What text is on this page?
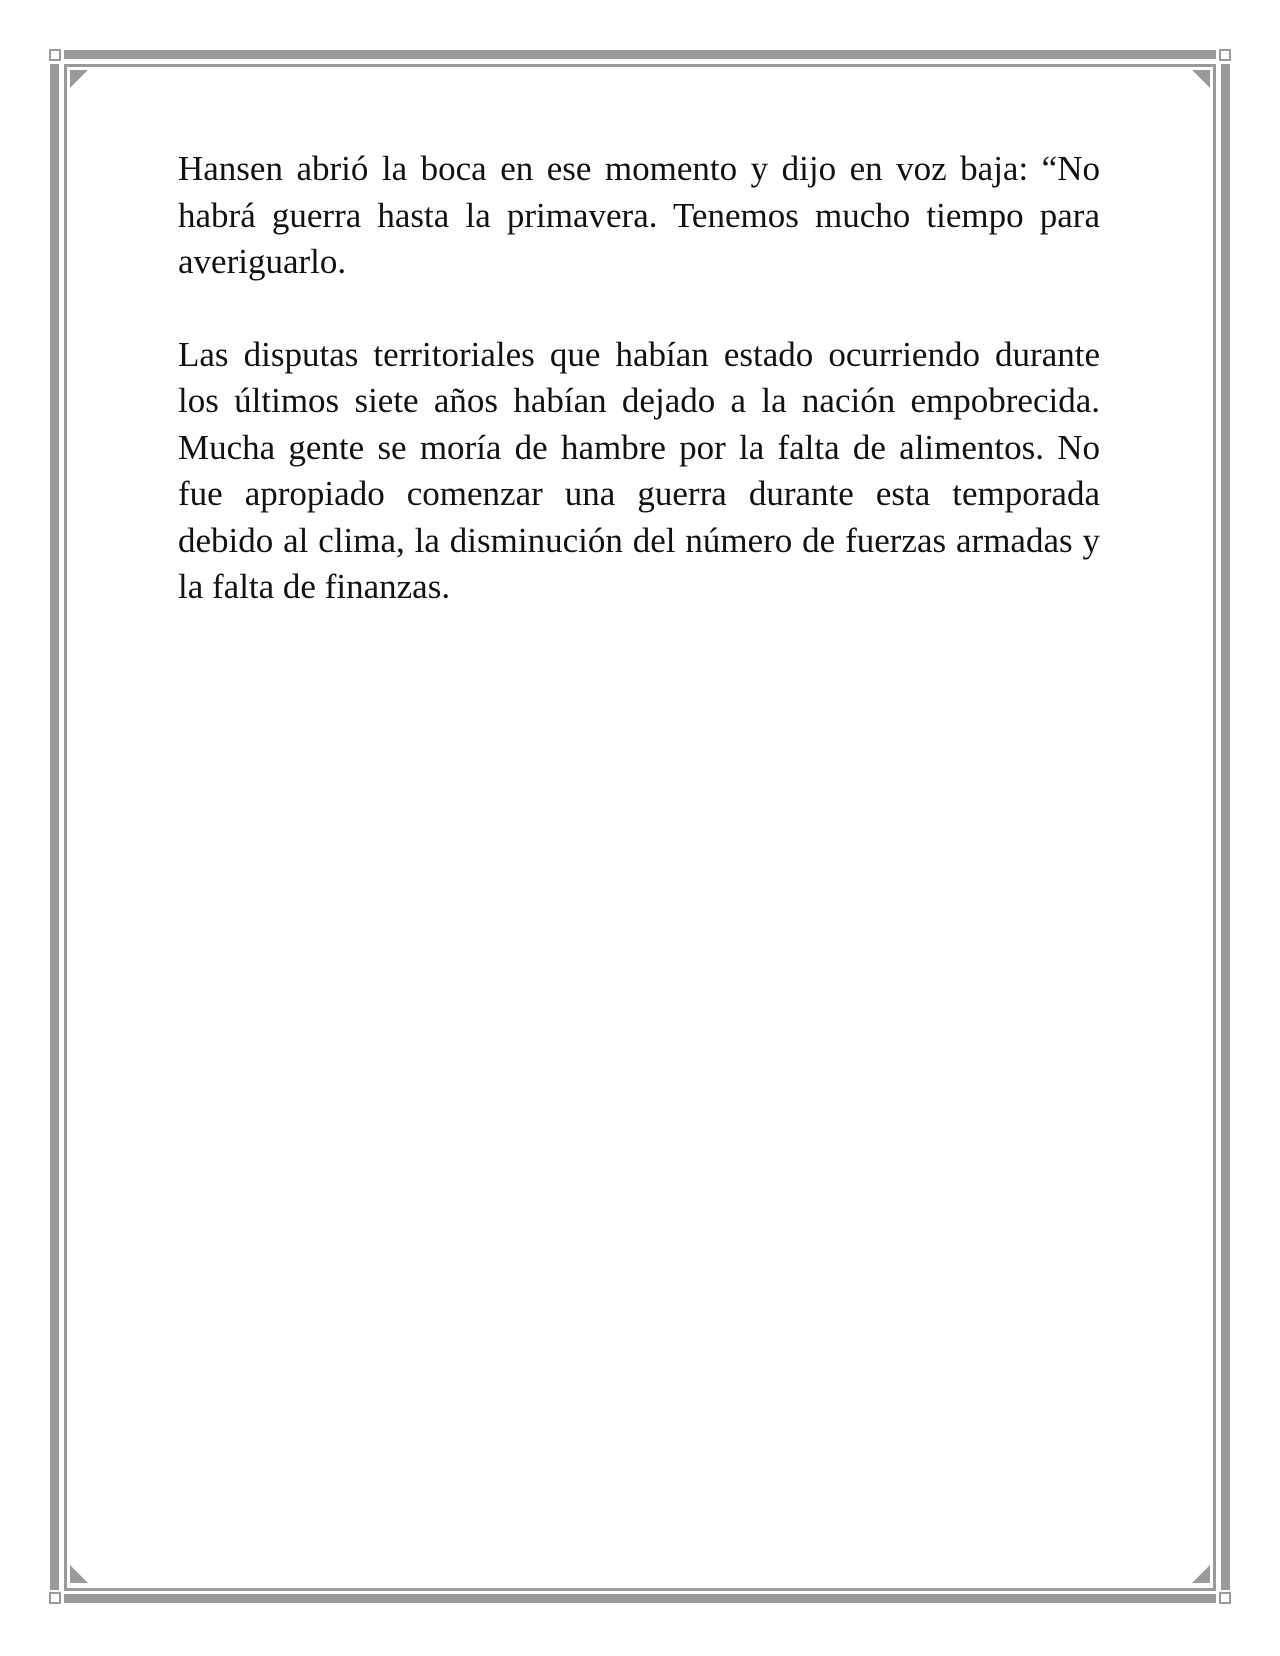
Hansen abrió la boca en ese momento y dijo en voz baja: “No habrá guerra hasta la primavera. Tenemos mucho tiempo para averiguarlo.

Las disputas territoriales que habían estado ocurriendo durante los últimos siete años habían dejado a la nación empobrecida. Mucha gente se moría de hambre por la falta de alimentos. No fue apropiado comenzar una guerra durante esta temporada debido al clima, la disminución del número de fuerzas armadas y la falta de finanzas.
